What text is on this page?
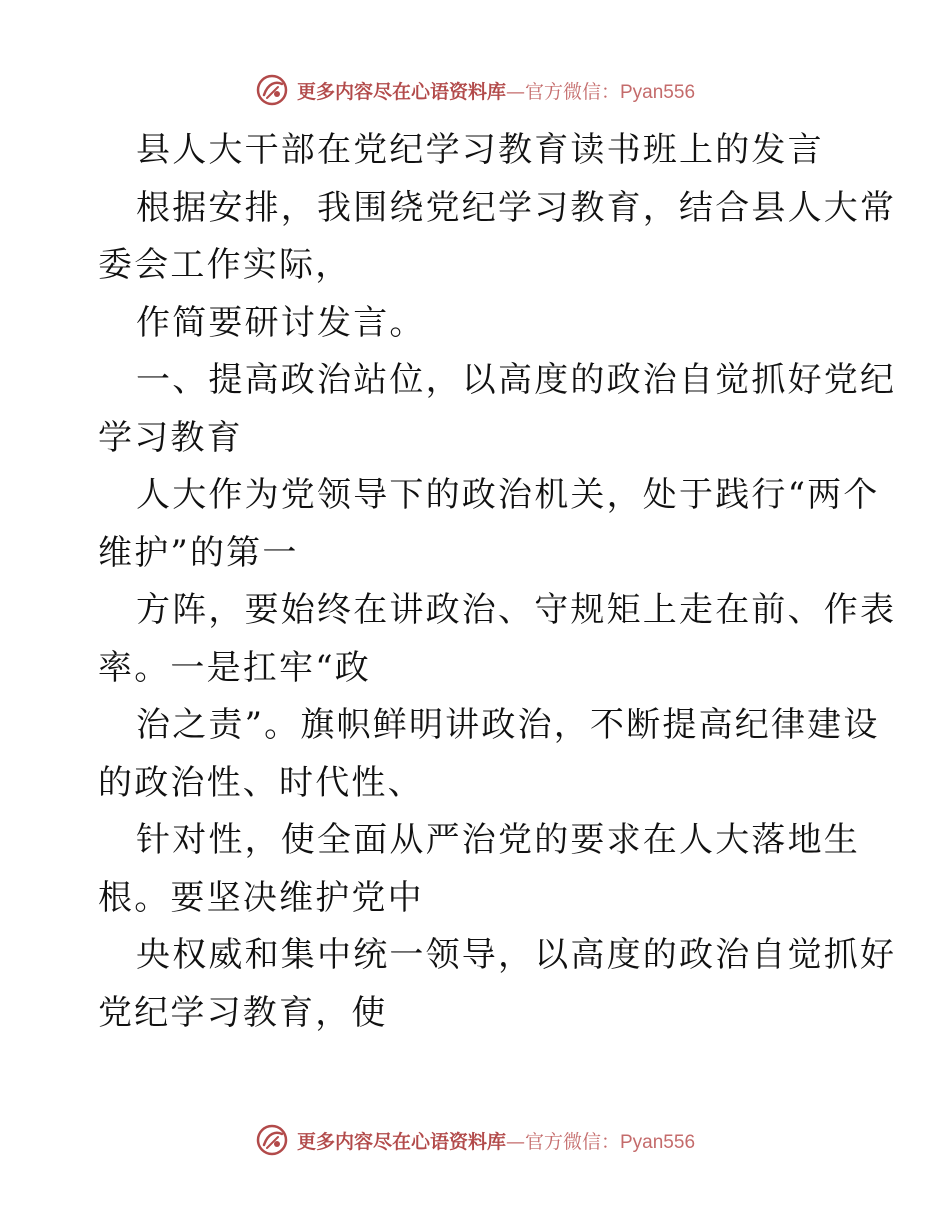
更多内容尽在心语资料库—官方微信：Pyan556

县人大干部在党纪学习教育读书班上的发言

根据安排，我围绕党纪学习教育，结合县人大常

委会工作实际，

作简要研讨发言。

一、提高政治站位，以高度的政治自觉抓好党纪

学习教育

人大作为党领导下的政治机关，处于践行“两个

维护”的第一

方阵，要始终在讲政治、守规矩上走在前、作表

率。一是扛牢“政

治之责”。旗帜鲜明讲政治，不断提高纪律建设

的政治性、时代性、

针对性，使全面从严治党的要求在人大落地生

根。要坚决维护党中

央权威和集中统一领导，以高度的政治自觉抓好

党纪学习教育，使

更多内容尽在心语资料库—官方微信：Pyan556
